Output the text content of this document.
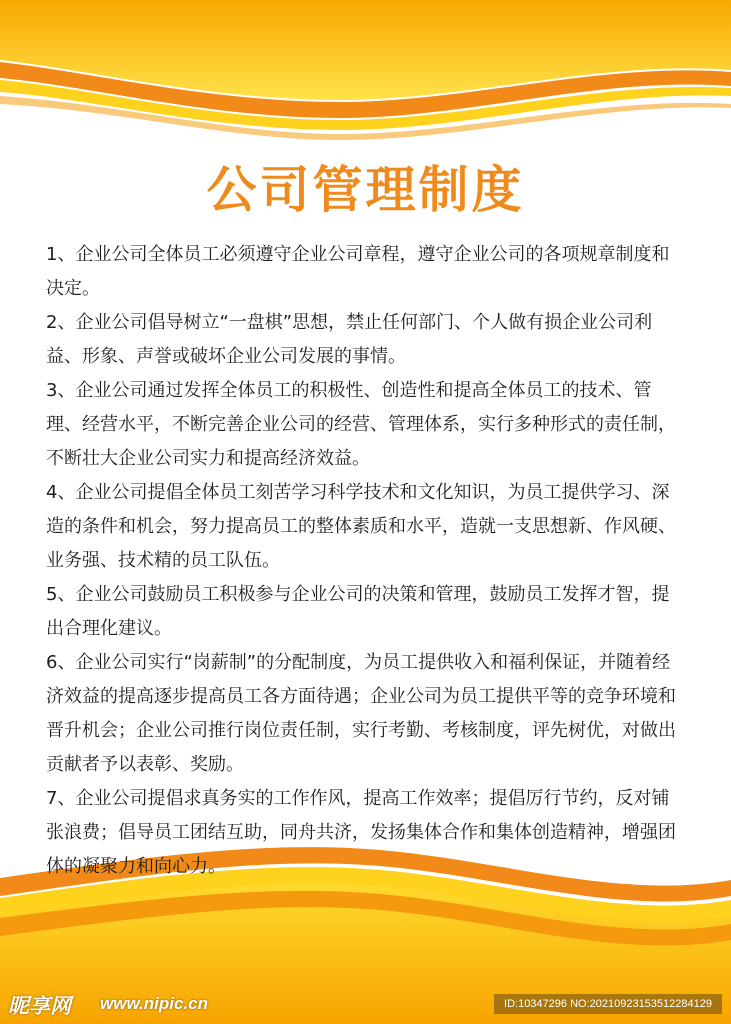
公司管理制度
1、企业公司全体员工必须遵守企业公司章程，遵守企业公司的各项规章制度和决定。
2、企业公司倡导树立“一盘棋”思想，禁止任何部门、个人做有损企业公司利益、形象、声誉或破坏企业公司发展的事情。
3、企业公司通过发挥全体员工的积极性、创造性和提高全体员工的技术、管理、经营水平，不断完善企业公司的经营、管理体系，实行多种形式的责任制，不断壮大企业公司实力和提高经济效益。
4、企业公司提倡全体员工刻苦学习科学技术和文化知识，为员工提供学习、深造的条件和机会，努力提高员工的整体素质和水平，造就一支思想新、作风硬、业务强、技术精的员工队伍。
5、企业公司鼓励员工积极参与企业公司的决策和管理，鼓励员工发挥才智，提出合理化建议。
6、企业公司实行“岗薪制”的分配制度，为员工提供收入和福利保证，并随着经济效益的提高逐步提高员工各方面待遇；企业公司为员工提供平等的竞争环境和晋升机会；企业公司推行岗位责任制，实行考勤、考核制度，评先树优，对做出贡献者予以表彰、奖励。
7、企业公司提倡求真务实的工作作风，提高工作效率；提倡厉行节约，反对铺张浪费；倡导员工团结互助，同舟共济，发扬集体合作和集体创造精神，增强团体的凝聚力和向心力。
昵享网 www.nipic.cn	ID:10347296 NO:20210923153512284129
